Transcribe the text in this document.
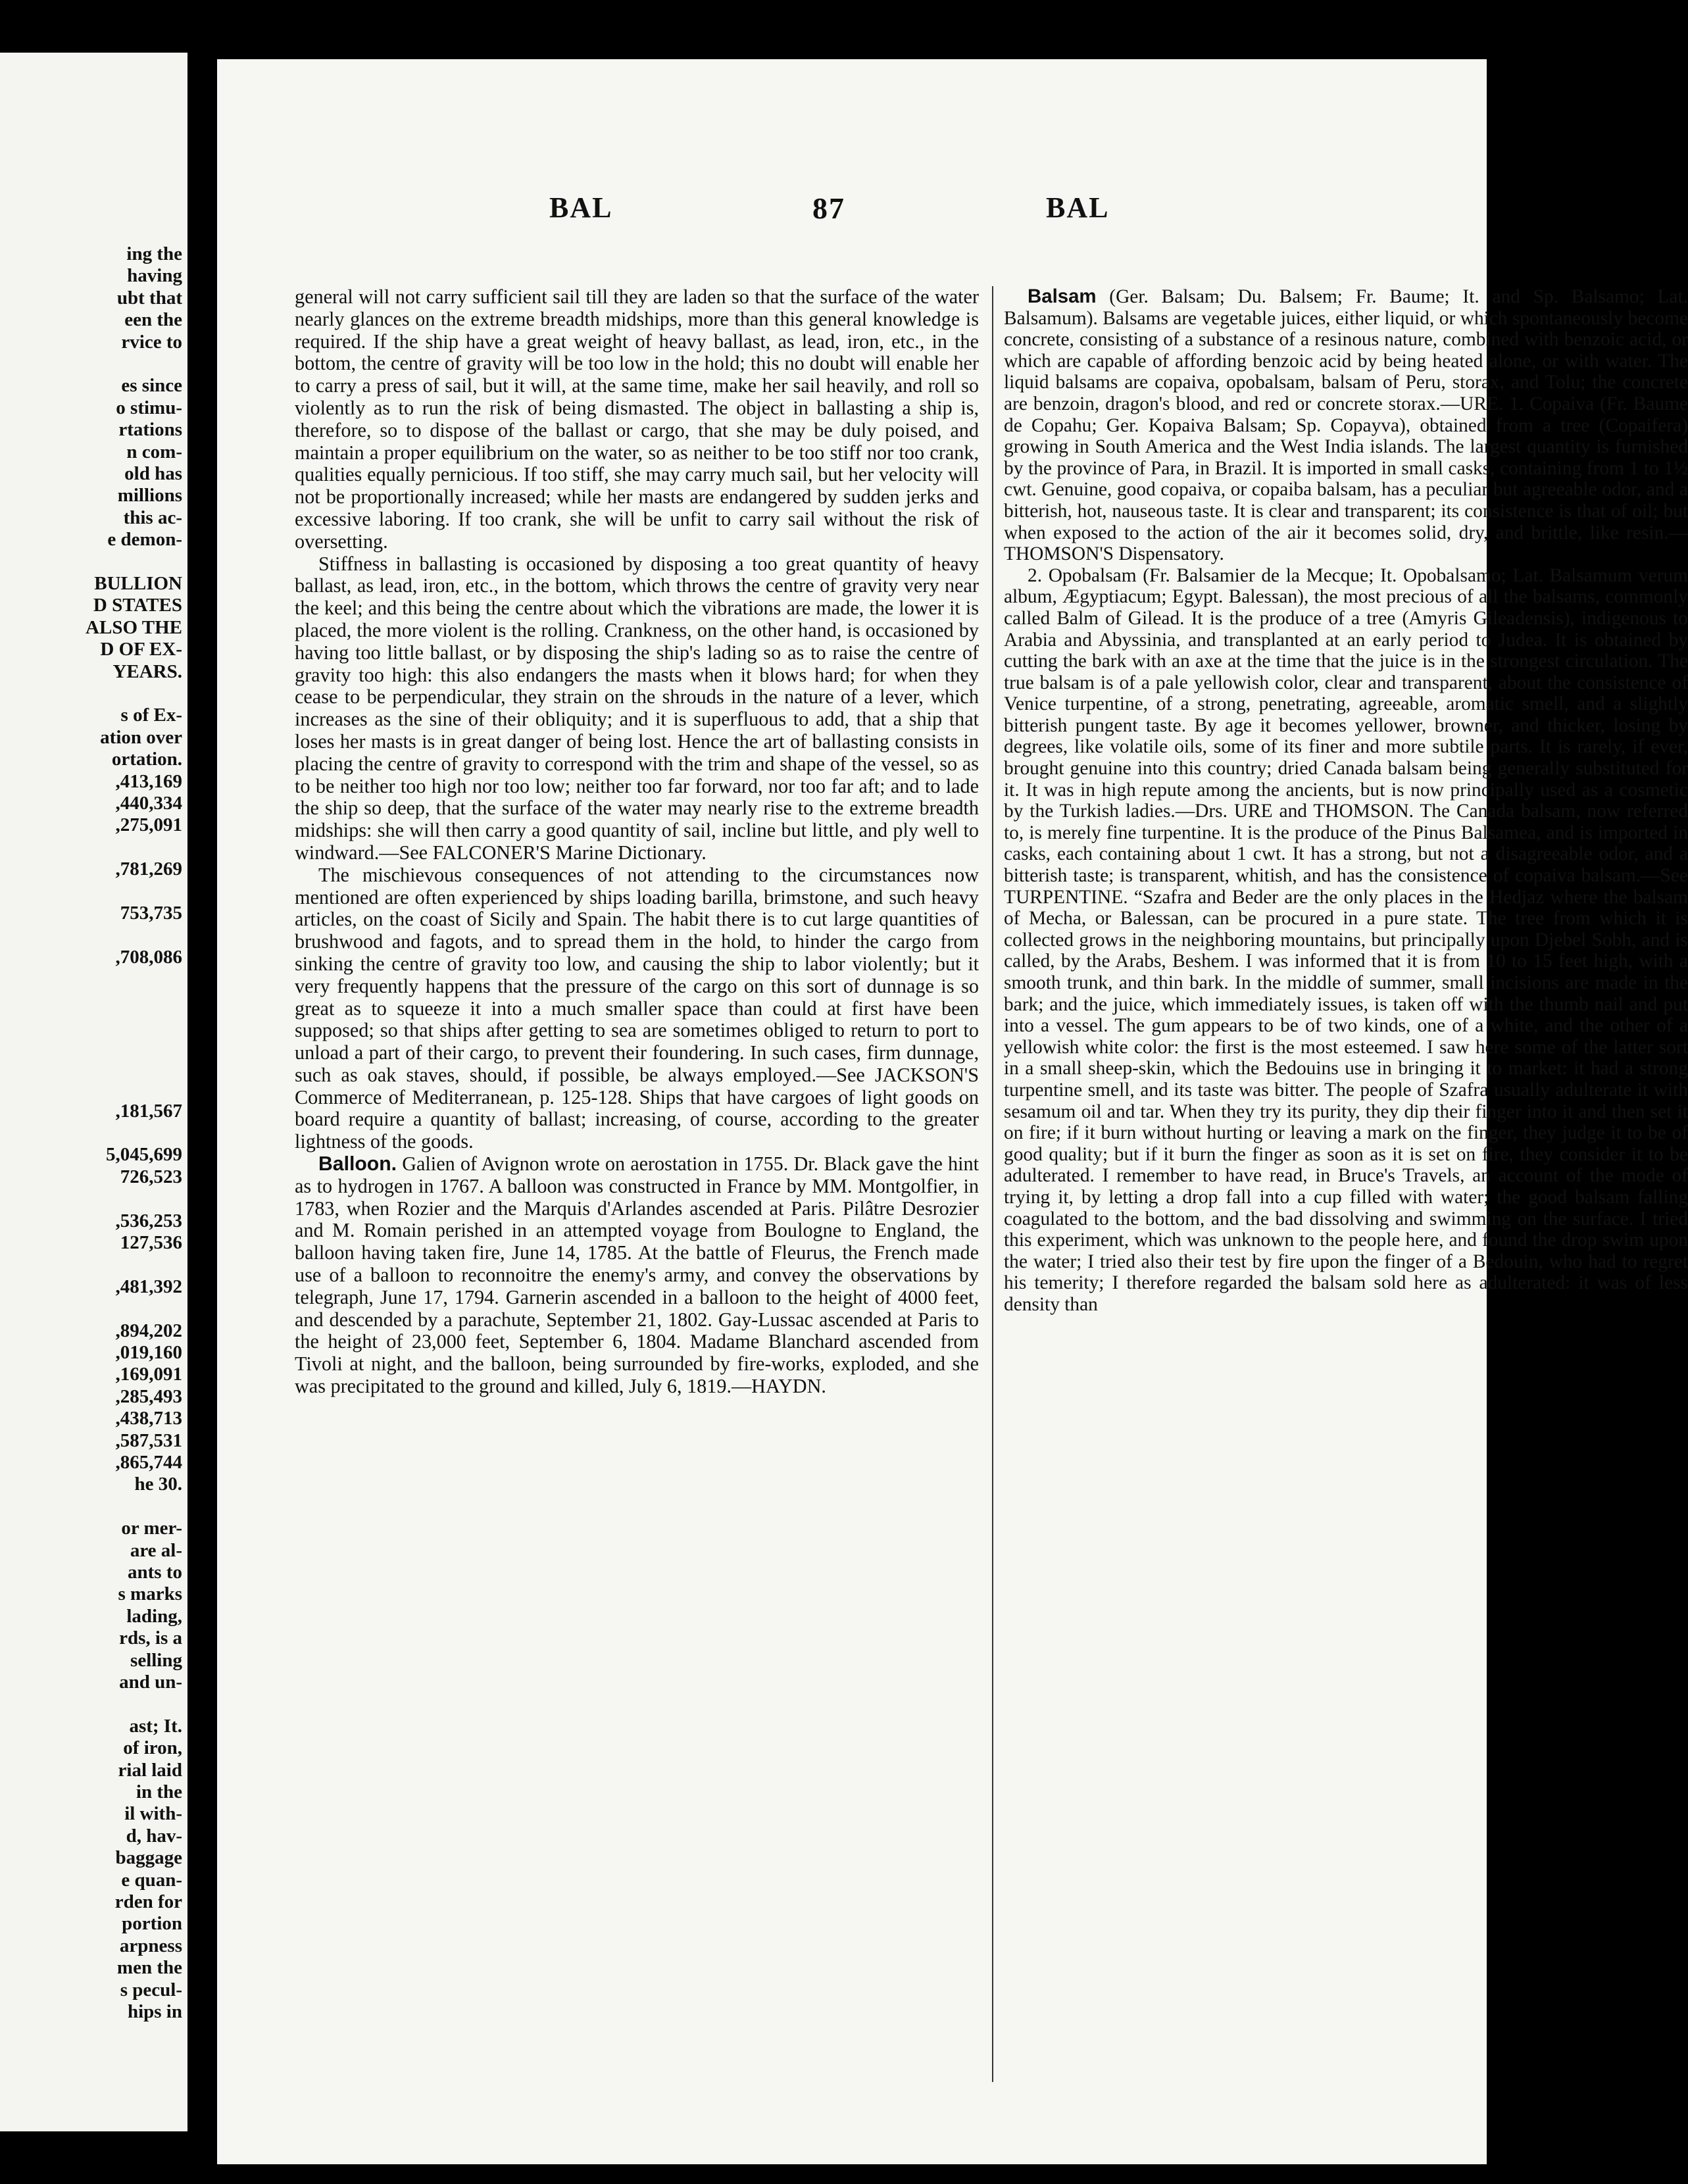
ing the
having
ubt that
een the
rvice to
es since
o stimu-
rtations
n com-
old has
millions
this ac-
e demon-
BULLION
D STATES
ALSO THE
D OF EX-
YEARS.
s of Ex-
ation over
ortation.
,413,169
,440,334
,275,091
,781,269
753,735
,708,086
,181,567
5,045,699
726,523
,536,253
127,536
,481,392
,894,202
,019,160
,169,091
,285,493
,438,713
,587,531
,865,744
he 30.
or mer-
are al-
ants to
s marks
lading,
rds, is a
selling
and un-
ast; It.
of iron,
rial laid
in the
il with-
d, hav-
baggage
e quan-
rden for
portion
arpness
men the
s pecul-
hips in
BAL	87	BAL

general will not carry sufficient sail till they are laden so that the surface of the water nearly glances on the extreme breadth midships, more than this general knowledge is required. If the ship have a great weight of heavy ballast, as lead, iron, etc., in the bottom, the centre of gravity will be too low in the hold; this no doubt will enable her to carry a press of sail, but it will, at the same time, make her sail heavily, and roll so violently as to run the risk of being dismasted. The object in ballasting a ship is, therefore, so to dispose of the ballast or cargo, that she may be duly poised, and maintain a proper equilibrium on the water, so as neither to be too stiff nor too crank, qualities equally pernicious. If too stiff, she may carry much sail, but her velocity will not be proportionally increased; while her masts are endangered by sudden jerks and excessive laboring. If too crank, she will be unfit to carry sail without the risk of oversetting.

Stiffness in ballasting is occasioned by disposing a too great quantity of heavy ballast, as lead, iron, etc., in the bottom, which throws the centre of gravity very near the keel; and this being the centre about which the vibrations are made, the lower it is placed, the more violent is the rolling. Crankness, on the other hand, is occasioned by having too little ballast, or by disposing the ship's lading so as to raise the centre of gravity too high: this also endangers the masts when it blows hard; for when they cease to be perpendicular, they strain on the shrouds in the nature of a lever, which increases as the sine of their obliquity; and it is superfluous to add, that a ship that loses her masts is in great danger of being lost. Hence the art of ballasting consists in placing the centre of gravity to correspond with the trim and shape of the vessel, so as to be neither too high nor too low; neither too far forward, nor too far aft; and to lade the ship so deep, that the surface of the water may nearly rise to the extreme breadth midships: she will then carry a good quantity of sail, incline but little, and ply well to windward.—See FALCONER'S Marine Dictionary.

The mischievous consequences of not attending to the circumstances now mentioned are often experienced by ships loading barilla, brimstone, and such heavy articles, on the coast of Sicily and Spain. The habit there is to cut large quantities of brushwood and fagots, and to spread them in the hold, to hinder the cargo from sinking the centre of gravity too low, and causing the ship to labor violently; but it very frequently happens that the pressure of the cargo on this sort of dunnage is so great as to squeeze it into a much smaller space than could at first have been supposed; so that ships after getting to sea are sometimes obliged to return to port to unload a part of their cargo, to prevent their foundering. In such cases, firm dunnage, such as oak staves, should, if possible, be always employed.—See JACKSON'S Commerce of Mediterranean, p. 125-128. Ships that have cargoes of light goods on board require a quantity of ballast; increasing, of course, according to the greater lightness of the goods.

Balloon. Galien of Avignon wrote on aerostation in 1755. Dr. Black gave the hint as to hydrogen in 1767. A balloon was constructed in France by MM. Montgolfier, in 1783, when Rozier and the Marquis d'Arlandes ascended at Paris. Pilâtre Desrozier and M. Romain perished in an attempted voyage from Boulogne to England, the balloon having taken fire, June 14, 1785. At the battle of Fleurus, the French made use of a balloon to reconnoitre the enemy's army, and convey the observations by telegraph, June 17, 1794. Garnerin ascended in a balloon to the height of 4000 feet, and descended by a parachute, September 21, 1802. Gay-Lussac ascended at Paris to the height of 23,000 feet, September 6, 1804. Madame Blanchard ascended from Tivoli at night, and the balloon, being surrounded by fire-works, exploded, and she was precipitated to the ground and killed, July 6, 1819.—HAYDN.

Balsam (Ger. Balsam; Du. Balsem; Fr. Baume; It. and Sp. Balsamo; Lat. Balsamum). Balsams are vegetable juices, either liquid, or which spontaneously become concrete, consisting of a substance of a resinous nature, combined with benzoic acid, or which are capable of affording benzoic acid by being heated alone, or with water. The liquid balsams are copaiva, opobalsam, balsam of Peru, storax, and Tolu; the concrete are benzoin, dragon's blood, and red or concrete storax.—URE. 1. Copaiva (Fr. Baume de Copahu; Ger. Kopaiva Balsam; Sp. Copayva), obtained from a tree (Copaifera) growing in South America and the West India islands. The largest quantity is furnished by the province of Para, in Brazil. It is imported in small casks, containing from 1 to 1½ cwt. Genuine, good copaiva, or copaiba balsam, has a peculiar but agreeable odor, and a bitterish, hot, nauseous taste. It is clear and transparent; its consistence is that of oil; but when exposed to the action of the air it becomes solid, dry, and brittle, like resin.—THOMSON'S Dispensatory.

2. Opobalsam (Fr. Balsamier de la Mecque; It. Opobalsamo; Lat. Balsamum verum album, Ægyptiacum; Egypt. Balessan), the most precious of all the balsams, commonly called Balm of Gilead. It is the produce of a tree (Amyris Gileadensis), indigenous to Arabia and Abyssinia, and transplanted at an early period to Judea. It is obtained by cutting the bark with an axe at the time that the juice is in the strongest circulation. The true balsam is of a pale yellowish color, clear and transparent, about the consistence of Venice turpentine, of a strong, penetrating, agreeable, aromatic smell, and a slightly bitterish pungent taste. By age it becomes yellower, browner, and thicker, losing by degrees, like volatile oils, some of its finer and more subtile parts. It is rarely, if ever, brought genuine into this country; dried Canada balsam being generally substituted for it. It was in high repute among the ancients, but is now principally used as a cosmetic by the Turkish ladies.—Drs. URE and THOMSON. The Canada balsam, now referred to, is merely fine turpentine. It is the produce of the Pinus Balsamea, and is imported in casks, each containing about 1 cwt. It has a strong, but not a disagreeable odor, and a bitterish taste; is transparent, whitish, and has the consistence of copaiva balsam.—See TURPENTINE. “Szafra and Beder are the only places in the Hedjaz where the balsam of Mecha, or Balessan, can be procured in a pure state. The tree from which it is collected grows in the neighboring mountains, but principally upon Djebel Sobh, and is called, by the Arabs, Beshem. I was informed that it is from 10 to 15 feet high, with a smooth trunk, and thin bark. In the middle of summer, small incisions are made in the bark; and the juice, which immediately issues, is taken off with the thumb nail and put into a vessel. The gum appears to be of two kinds, one of a white, and the other of a yellowish white color: the first is the most esteemed. I saw here some of the latter sort in a small sheep-skin, which the Bedouins use in bringing it to market: it had a strong turpentine smell, and its taste was bitter. The people of Szafra usually adulterate it with sesamum oil and tar. When they try its purity, they dip their finger into it and then set it on fire; if it burn without hurting or leaving a mark on the finger, they judge it to be of good quality; but if it burn the finger as soon as it is set on fire, they consider it to be adulterated. I remember to have read, in Bruce's Travels, an account of the mode of trying it, by letting a drop fall into a cup filled with water; the good balsam falling coagulated to the bottom, and the bad dissolving and swimming on the surface. I tried this experiment, which was unknown to the people here, and found the drop swim upon the water; I tried also their test by fire upon the finger of a Bedouin, who had to regret his temerity; I therefore regarded the balsam sold here as adulterated: it was of less density than
